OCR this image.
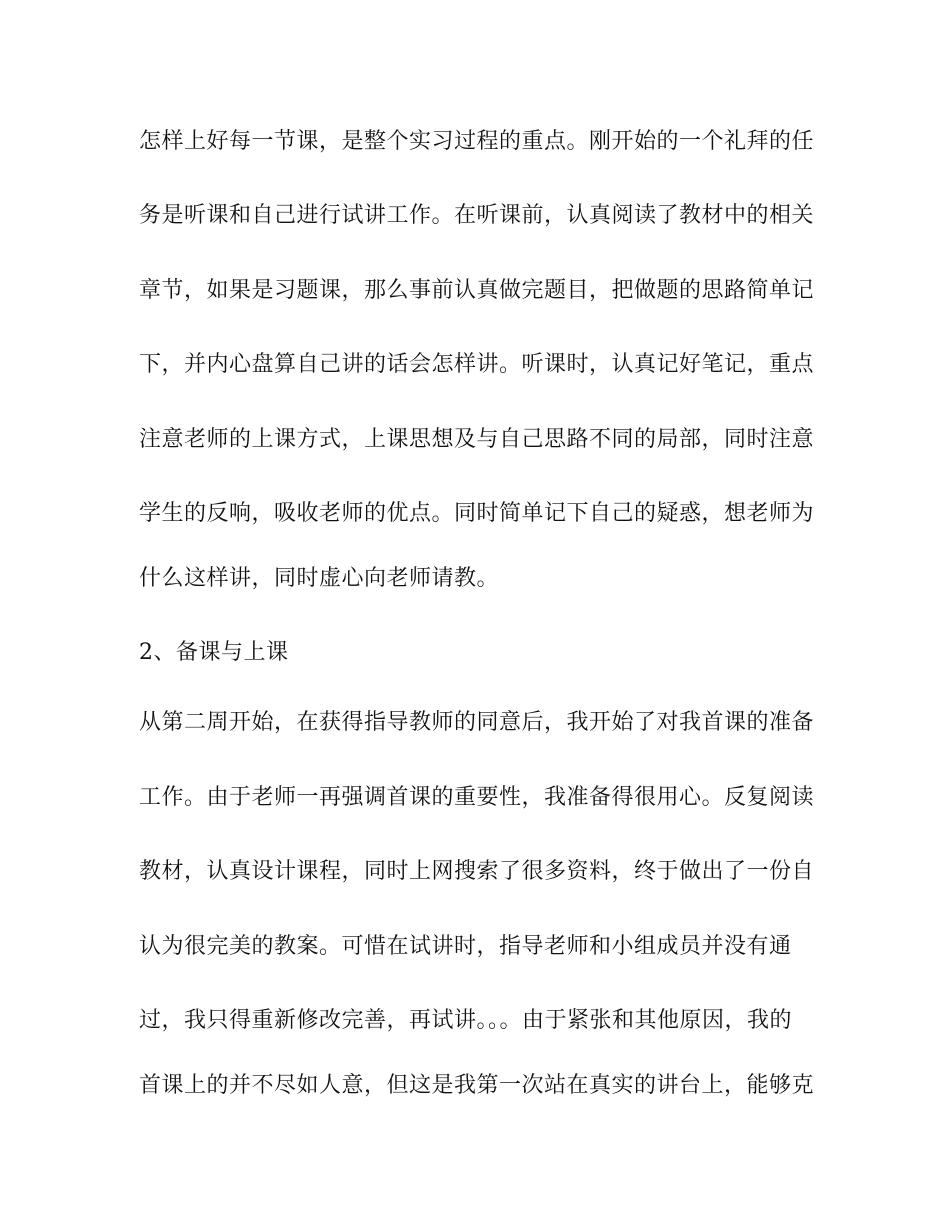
怎样上好每一节课，是整个实习过程的重点。刚开始的一个礼拜的任
务是听课和自己进行试讲工作。在听课前，认真阅读了教材中的相关
章节，如果是习题课，那么事前认真做完题目，把做题的思路简单记
下，并内心盘算自己讲的话会怎样讲。听课时，认真记好笔记，重点
注意老师的上课方式，上课思想及与自己思路不同的局部，同时注意
学生的反响，吸收老师的优点。同时简单记下自己的疑惑，想老师为
什么这样讲，同时虚心向老师请教。
2、备课与上课
从第二周开始，在获得指导教师的同意后，我开始了对我首课的准备
工作。由于老师一再强调首课的重要性，我准备得很用心。反复阅读
教材，认真设计课程，同时上网搜索了很多资料，终于做出了一份自
认为很完美的教案。可惜在试讲时，指导老师和小组成员并没有通
过，我只得重新修改完善，再试讲。。。由于紧张和其他原因，我的
首课上的并不尽如人意，但这是我第一次站在真实的讲台上，能够克
